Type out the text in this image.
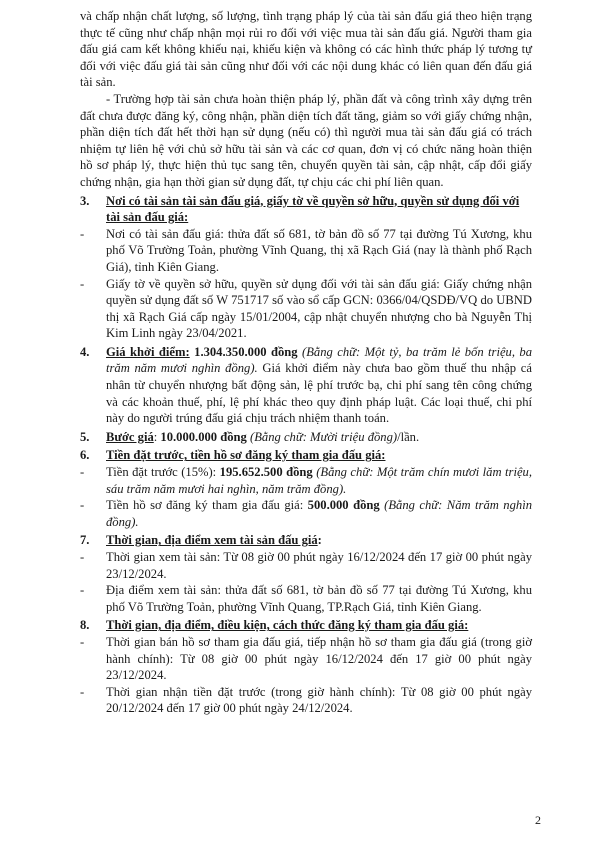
và chấp nhận chất lượng, số lượng, tình trạng pháp lý của tài sản đấu giá theo hiện trạng thực tế cũng như chấp nhận mọi rủi ro đối với việc mua tài sản đấu giá. Người tham gia đấu giá cam kết không khiếu nại, khiếu kiện và không có các hình thức pháp lý tương tự đối với việc đấu giá tài sản cũng như đối với các nội dung khác có liên quan đến đấu giá tài sản.

- Trường hợp tài sản chưa hoàn thiện pháp lý, phần đất và công trình xây dựng trên đất chưa được đăng ký, công nhận, phần diện tích đất tăng, giảm so với giấy chứng nhận, phần diện tích đất hết thời hạn sử dụng (nếu có) thì người mua tài sản đấu giá có trách nhiệm tự liên hệ với chủ sở hữu tài sản và các cơ quan, đơn vị có chức năng hoàn thiện hồ sơ pháp lý, thực hiện thủ tục sang tên, chuyển quyền tài sản, cập nhật, cấp đổi giấy chứng nhận, gia hạn thời gian sử dụng đất, tự chịu các chi phí liên quan.

3.	Nơi có tài sản tài sản đấu giá, giấy tờ về quyền sở hữu, quyền sử dụng đối với tài sản đấu giá:
-	Nơi có tài sản đấu giá: thửa đất số 681, tờ bản đồ số 77 tại đường Tú Xương, khu phố Võ Trường Toản, phường Vĩnh Quang, thị xã Rạch Giá (nay là thành phố Rạch Giá), tỉnh Kiên Giang.
-	Giấy tờ về quyền sở hữu, quyền sử dụng đối với tài sản đấu giá: Giấy chứng nhận quyền sử dụng đất số W 751717 số vào sổ cấp GCN: 0366/04/QSDĐ/VQ do UBND thị xã Rạch Giá cấp ngày 15/01/2004, cập nhật chuyển nhượng cho bà Nguyễn Thị Kim Linh ngày 23/04/2021.
4.	Giá khởi điểm: 1.304.350.000 đồng (Bằng chữ: Một tỷ, ba trăm lẻ bốn triệu, ba trăm năm mươi nghìn đồng). Giá khởi điểm này chưa bao gồm thuế thu nhập cá nhân từ chuyển nhượng bất động sản, lệ phí trước bạ, chi phí sang tên công chứng và các khoản thuế, phí, lệ phí khác theo quy định pháp luật. Các loại thuế, chi phí này do người trúng đấu giá chịu trách nhiệm thanh toán.
5.	Bước giá: 10.000.000 đồng (Bằng chữ: Mười triệu đồng)/lần.
6.	Tiền đặt trước, tiền hồ sơ đăng ký tham gia đấu giá:
-	Tiền đặt trước (15%): 195.652.500 đồng (Bằng chữ: Một trăm chín mươi lăm triệu, sáu trăm năm mươi hai nghìn, năm trăm đồng).
-	Tiền hồ sơ đăng ký tham gia đấu giá: 500.000 đồng (Bằng chữ: Năm trăm nghìn đồng).
7.	Thời gian, địa điểm xem tài sản đấu giá:
-	Thời gian xem tài sản: Từ 08 giờ 00 phút ngày 16/12/2024 đến 17 giờ 00 phút ngày 23/12/2024.
-	Địa điểm xem tài sản: thửa đất số 681, tờ bản đồ số 77 tại đường Tú Xương, khu phố Võ Trường Toản, phường Vĩnh Quang, TP.Rạch Giá, tỉnh Kiên Giang.
8.	Thời gian, địa điểm, điều kiện, cách thức đăng ký tham gia đấu giá:
-	Thời gian bán hồ sơ tham gia đấu giá, tiếp nhận hồ sơ tham gia đấu giá (trong giờ hành chính): Từ 08 giờ 00 phút ngày 16/12/2024 đến 17 giờ 00 phút ngày 23/12/2024.
-	Thời gian nhận tiền đặt trước (trong giờ hành chính): Từ 08 giờ 00 phút ngày 20/12/2024 đến 17 giờ 00 phút ngày 24/12/2024.
2
